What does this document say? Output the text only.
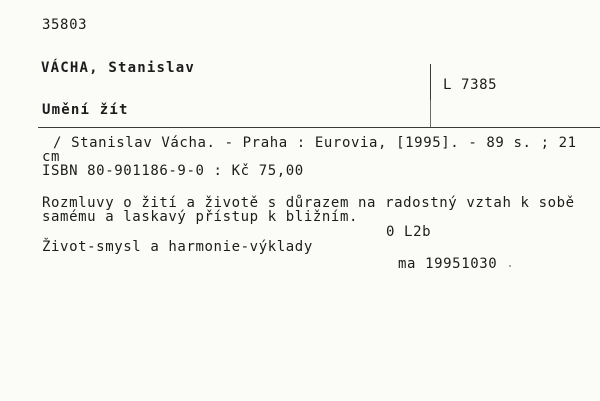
35803
VÁCHA, Stanislav
L 7385
Umění žít
/ Stanislav Vácha. - Praha : Eurovia, [1995]. - 89 s. ; 21
cm
ISBN 80-901186-9-0 : Kč 75,00
Rozmluvy o žití a životě s důrazem na radostný vztah k sobě
samému a laskavý přístup k bližním.
0 L2b
Život-smysl a harmonie-výklady
ma 19951030
